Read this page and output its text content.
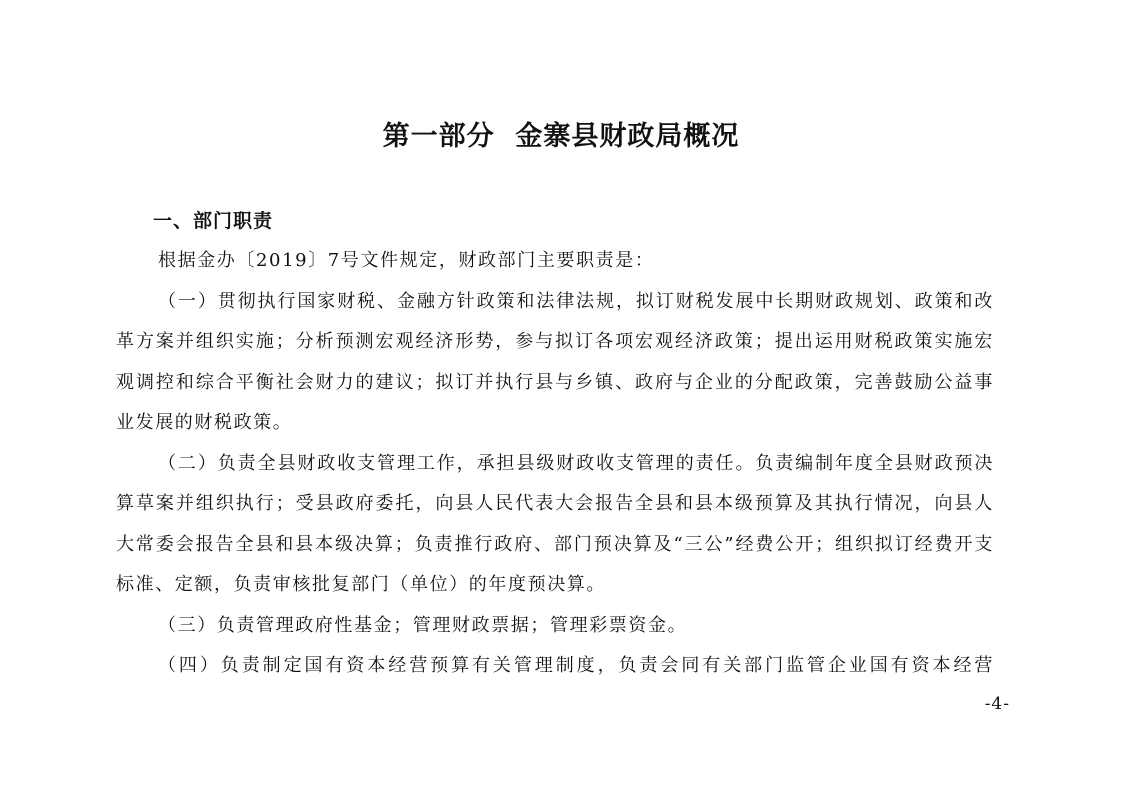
第一部分  金寨县财政局概况
一、部门职责

根据金办〔2019〕7号文件规定，财政部门主要职责是：

（一）贯彻执行国家财税、金融方针政策和法律法规，拟订财税发展中长期财政规划、政策和改革方案并组织实施；分析预测宏观经济形势，参与拟订各项宏观经济政策；提出运用财税政策实施宏观调控和综合平衡社会财力的建议；拟订并执行县与乡镇、政府与企业的分配政策，完善鼓励公益事业发展的财税政策。

（二）负责全县财政收支管理工作，承担县级财政收支管理的责任。负责编制年度全县财政预决算草案并组织执行；受县政府委托，向县人民代表大会报告全县和县本级预算及其执行情况，向县人大常委会报告全县和县本级决算；负责推行政府、部门预决算及“三公”经费公开；组织拟订经费开支标准、定额，负责审核批复部门（单位）的年度预决算。

（三）负责管理政府性基金；管理财政票据；管理彩票资金。

（四）负责制定国有资本经营预算有关管理制度，负责会同有关部门监管企业国有资本经营

-4-
